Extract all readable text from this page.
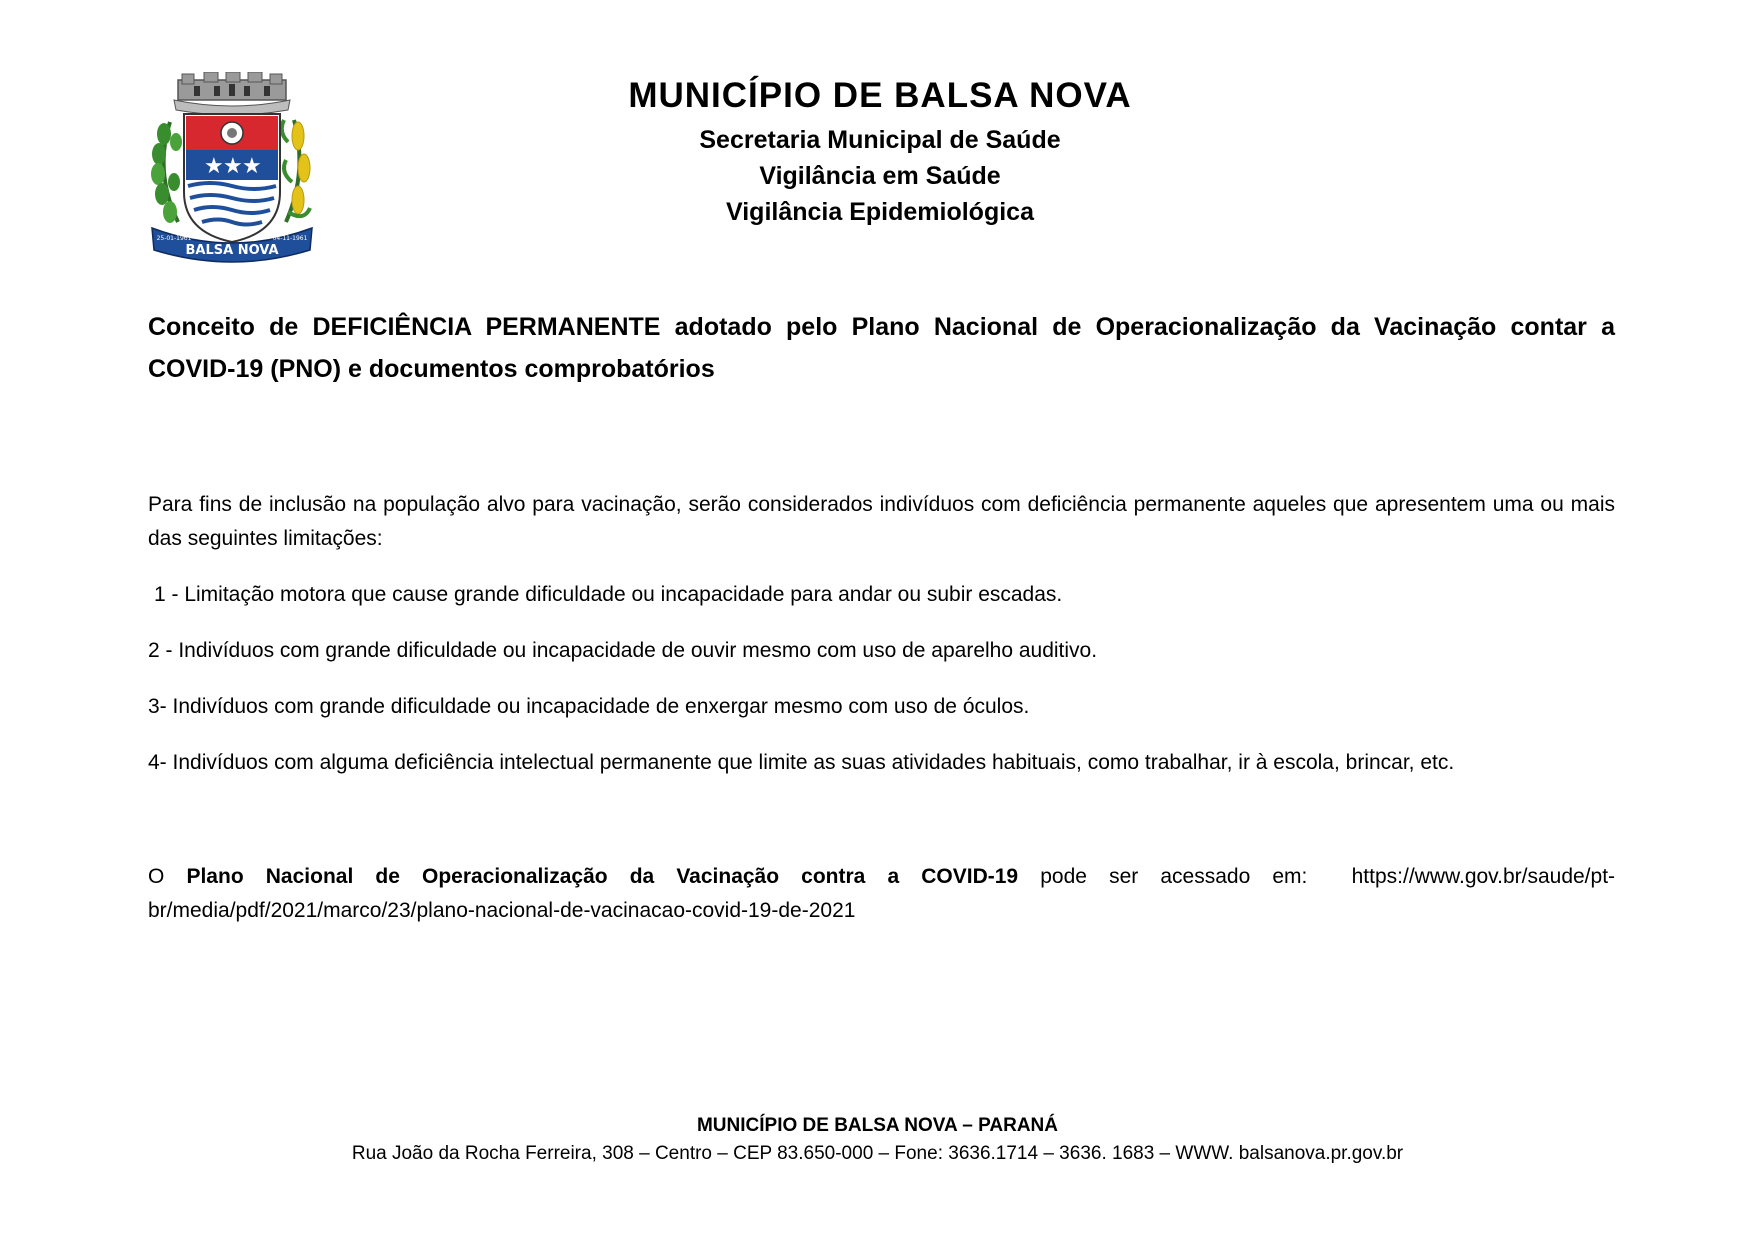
★ ★ ★
BALSA NOVA
25-01-1961	04-11-1961
MUNICÍPIO DE BALSA NOVA
Secretaria Municipal de Saúde
Vigilância em Saúde
Vigilância Epidemiológica
Conceito de DEFICIÊNCIA PERMANENTE adotado pelo Plano Nacional de Operacionalização da Vacinação contar a COVID-19 (PNO) e documentos comprobatórios

Para fins de inclusão na população alvo para vacinação, serão considerados indivíduos com deficiência permanente aqueles que apresentem uma ou mais das seguintes limitações:

1 - Limitação motora que cause grande dificuldade ou incapacidade para andar ou subir escadas.

2 - Indivíduos com grande dificuldade ou incapacidade de ouvir mesmo com uso de aparelho auditivo.

3- Indivíduos com grande dificuldade ou incapacidade de enxergar mesmo com uso de óculos.

4- Indivíduos com alguma deficiência intelectual permanente que limite as suas atividades habituais, como trabalhar, ir à escola, brincar, etc.

O Plano Nacional de Operacionalização da Vacinação contra a COVID-19 pode ser acessado em: https://www.gov.br/saude/pt-br/media/pdf/2021/marco/23/plano-nacional-de-vacinacao-covid-19-de-2021
MUNICÍPIO DE BALSA NOVA – PARANÁ
Rua João da Rocha Ferreira, 308 – Centro – CEP 83.650-000 – Fone: 3636.1714 – 3636. 1683 – WWW. balsanova.pr.gov.br
